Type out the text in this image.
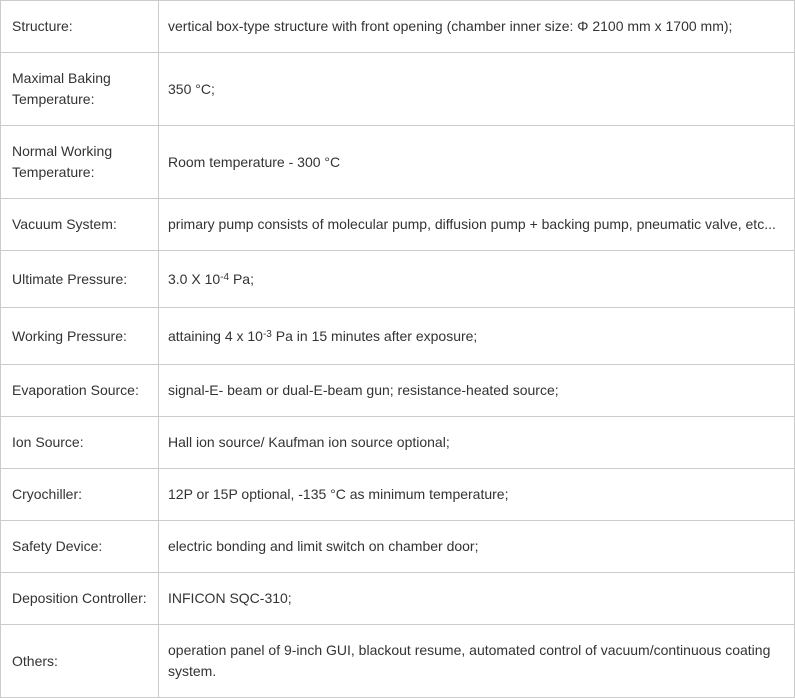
Structure:	vertical box-type structure with front opening (chamber inner size: Φ 2100 mm x 1700 mm);
Maximal Baking Temperature:	350 °C;
Normal Working Temperature:	Room temperature - 300 °C
Vacuum System:	primary pump consists of molecular pump, diffusion pump + backing pump, pneumatic valve, etc...
Ultimate Pressure:	3.0 X $10^{-4}$ Pa;
Working Pressure:	attaining 4 x $10^{-3}$ Pa in 15 minutes after exposure;
Evaporation Source:	signal-E- beam or dual-E-beam gun; resistance-heated source;
Ion Source:	Hall ion source/ Kaufman ion source optional;
Cryochiller:	12P or 15P optional, -135 °C as minimum temperature;
Safety Device:	electric bonding and limit switch on chamber door;
Deposition Controller:	INFICON SQC-310;
Others:	operation panel of 9-inch GUI, blackout resume, automated control of vacuum/continuous coating system.
